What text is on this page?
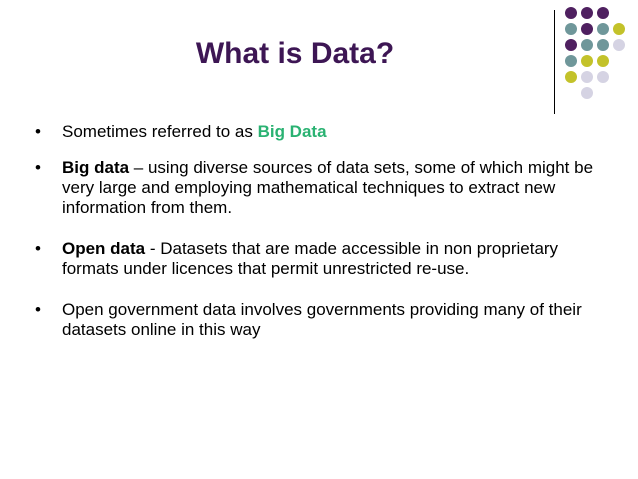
What is Data?
• Sometimes referred to as Big Data
• Big data – using diverse sources of data sets, some of which might be very large and employing mathematical techniques to extract new information from them.
• Open data - Datasets that are made accessible in non proprietary formats under licences that permit unrestricted re-use.
• Open government data involves governments providing many of their datasets online in this way
